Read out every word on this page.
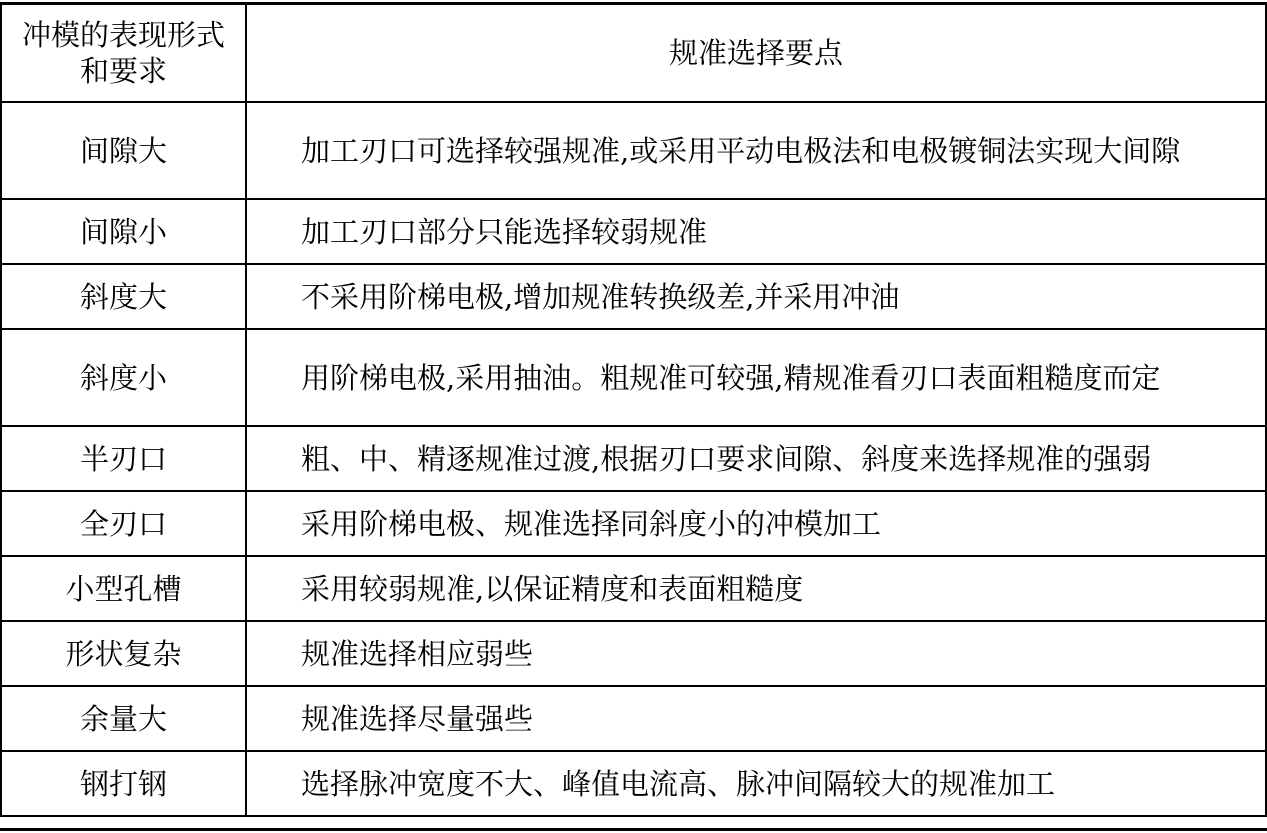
冲模的表现形式和要求	规准选择要点
间隙大	加工刃口可选择较强规准,或采用平动电极法和电极镀铜法实现大间隙
间隙小	加工刃口部分只能选择较弱规准
斜度大	不采用阶梯电极,增加规准转换级差,并采用冲油
斜度小	用阶梯电极,采用抽油。粗规准可较强,精规准看刃口表面粗糙度而定
半刃口	粗、中、精逐规准过渡,根据刃口要求间隙、斜度来选择规准的强弱
全刃口	采用阶梯电极、规准选择同斜度小的冲模加工
小型孔槽	采用较弱规准,以保证精度和表面粗糙度
形状复杂	规准选择相应弱些
余量大	规准选择尽量强些
钢打钢	选择脉冲宽度不大、峰值电流高、脉冲间隔较大的规准加工
